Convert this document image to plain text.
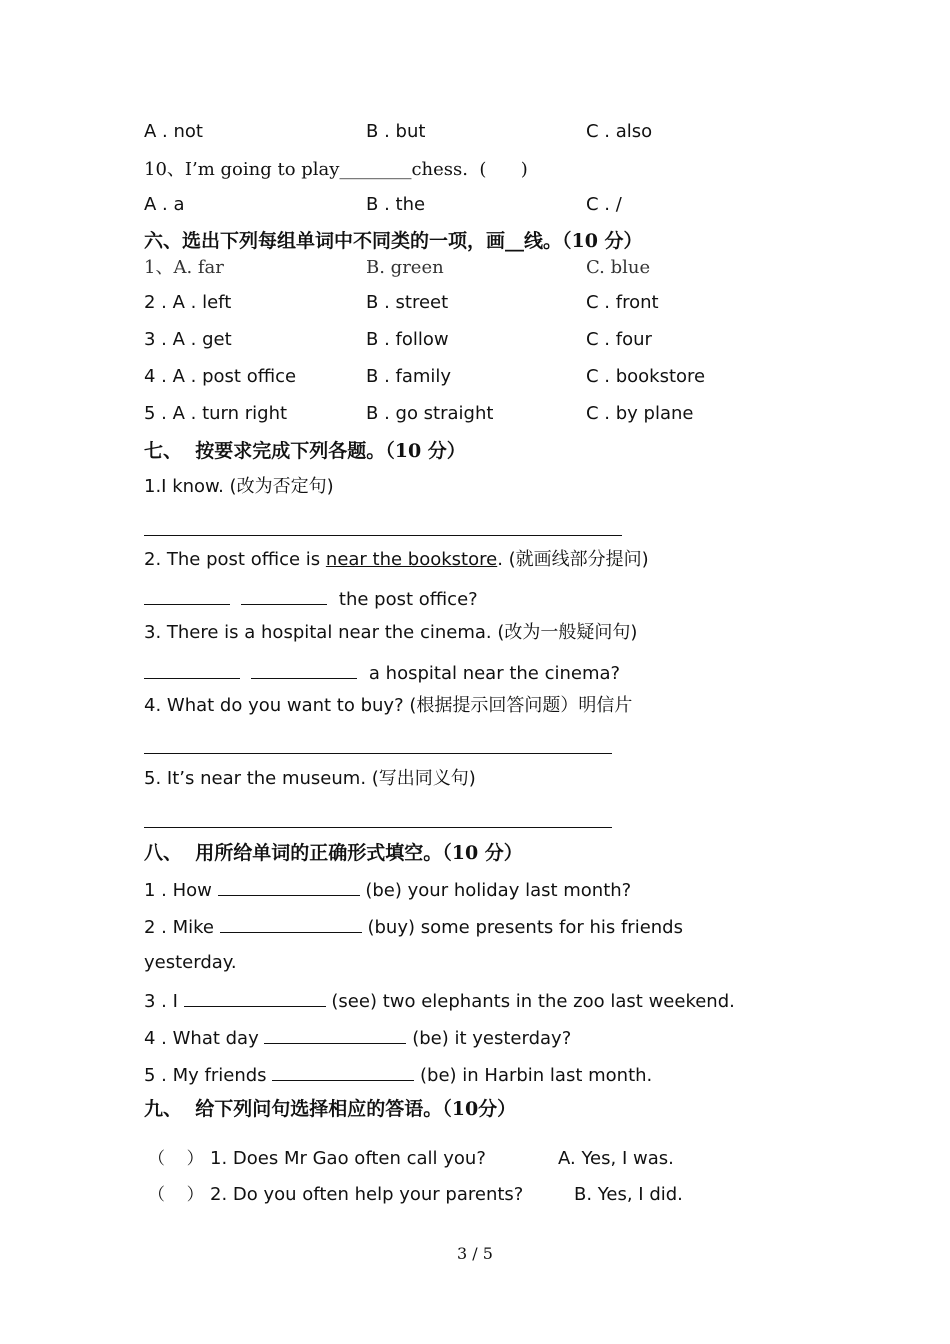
A . not	B . but	C . also
10、I’m going to play________chess.  (      )
A . a	B . the	C . /
六、选出下列每组单词中不同类的一项，画__线。（10 分）
1、A. far	B. green	C. blue
2 . A . left	B . street	C . front
3 . A . get	B . follow	C . four
4 . A . post office	B . family	C . bookstore
5 . A . turn right	B . go straight	C . by plane
七、  按要求完成下列各题。（10 分）
1.I know. (改为否定句)
2. The post office is near the bookstore. (就画线部分提问)
the post office?
3. There is a hospital near the cinema. (改为一般疑问句)
a hospital near the cinema?
4. What do you want to buy? (根据提示回答问题）明信片
5. It’s near the museum. (写出同义句)
八、  用所给单词的正确形式填空。（10 分）
1 . How	(be) your holiday last month?
2 . Mike	(buy) some presents for his friends
yesterday.
3 . I	(see) two elephants in the zoo last weekend.
4 . What day	(be) it yesterday?
5 . My friends	(be) in Harbin last month.
九、  给下列问句选择相应的答语。（10分）
（    ） 1. Does Mr Gao often call you?	A. Yes, I was.
（    ） 2. Do you often help your parents?	B. Yes, I did.
3 / 5
